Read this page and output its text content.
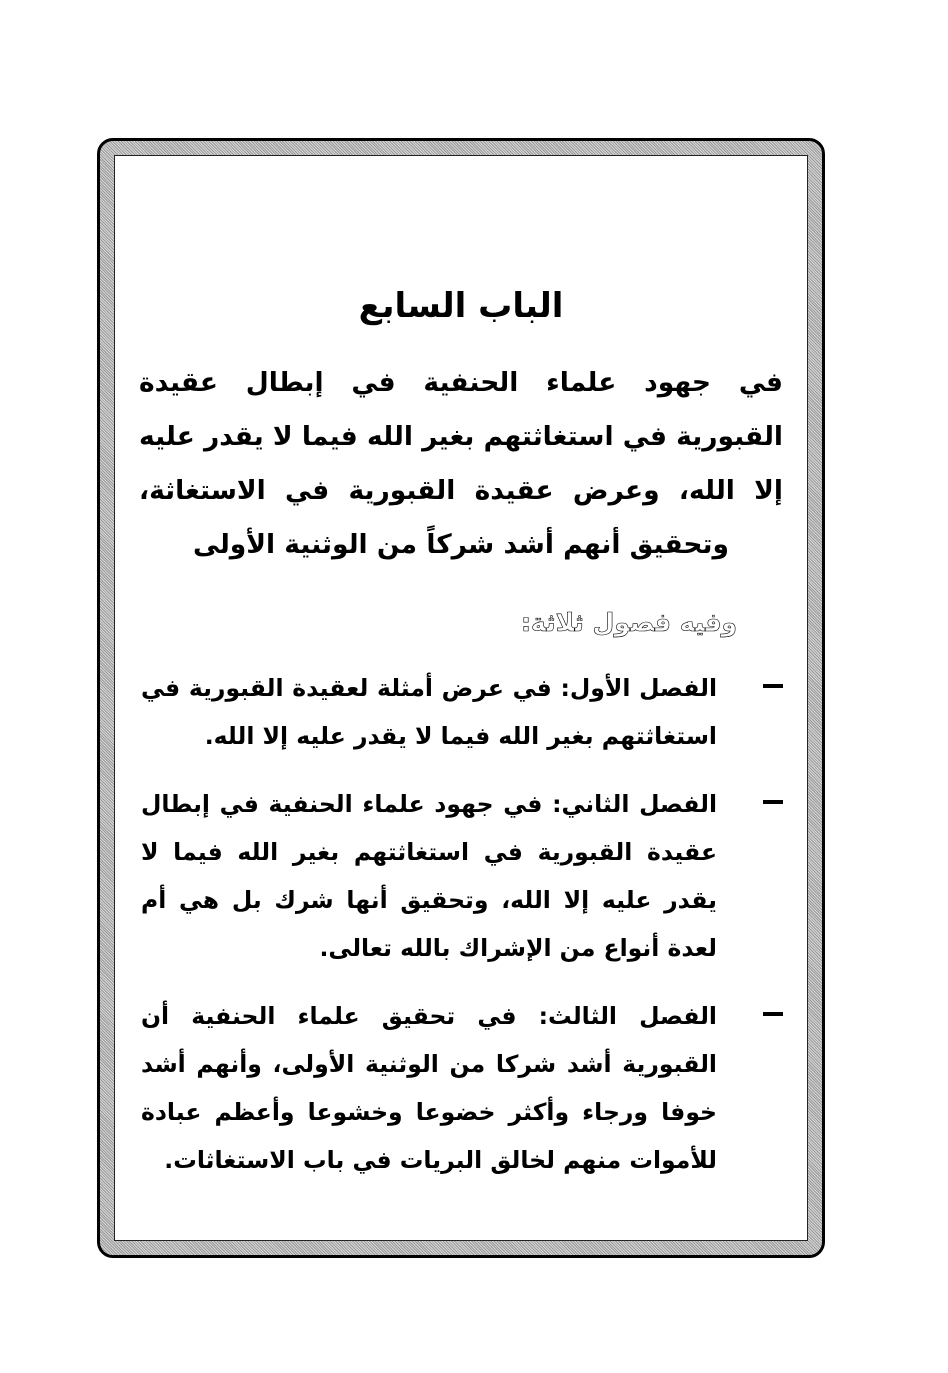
الباب السابع
في جهود علماء الحنفية في إبطال عقيدة القبورية في استغاثتهم بغير الله فيما لا يقدر عليه إلا الله، وعرض عقيدة القبورية في الاستغاثة، وتحقيق أنهم أشد شركاً من الوثنية الأولى
وفيه فصول ثلاثة:
الفصل الأول: في عرض أمثلة لعقيدة القبورية في استغاثتهم بغير الله فيما لا يقدر عليه إلا الله.
الفصل الثاني: في جهود علماء الحنفية في إبطال عقيدة القبورية في استغاثتهم بغير الله فيما لا يقدر عليه إلا الله، وتحقيق أنها شرك بل هي أم لعدة أنواع من الإشراك بالله تعالى.
الفصل الثالث: في تحقيق علماء الحنفية أن القبورية أشد شركا من الوثنية الأولى، وأنهم أشد خوفا ورجاء وأكثر خضوعا وخشوعا وأعظم عبادة للأموات منهم لخالق البريات في باب الاستغاثات.
